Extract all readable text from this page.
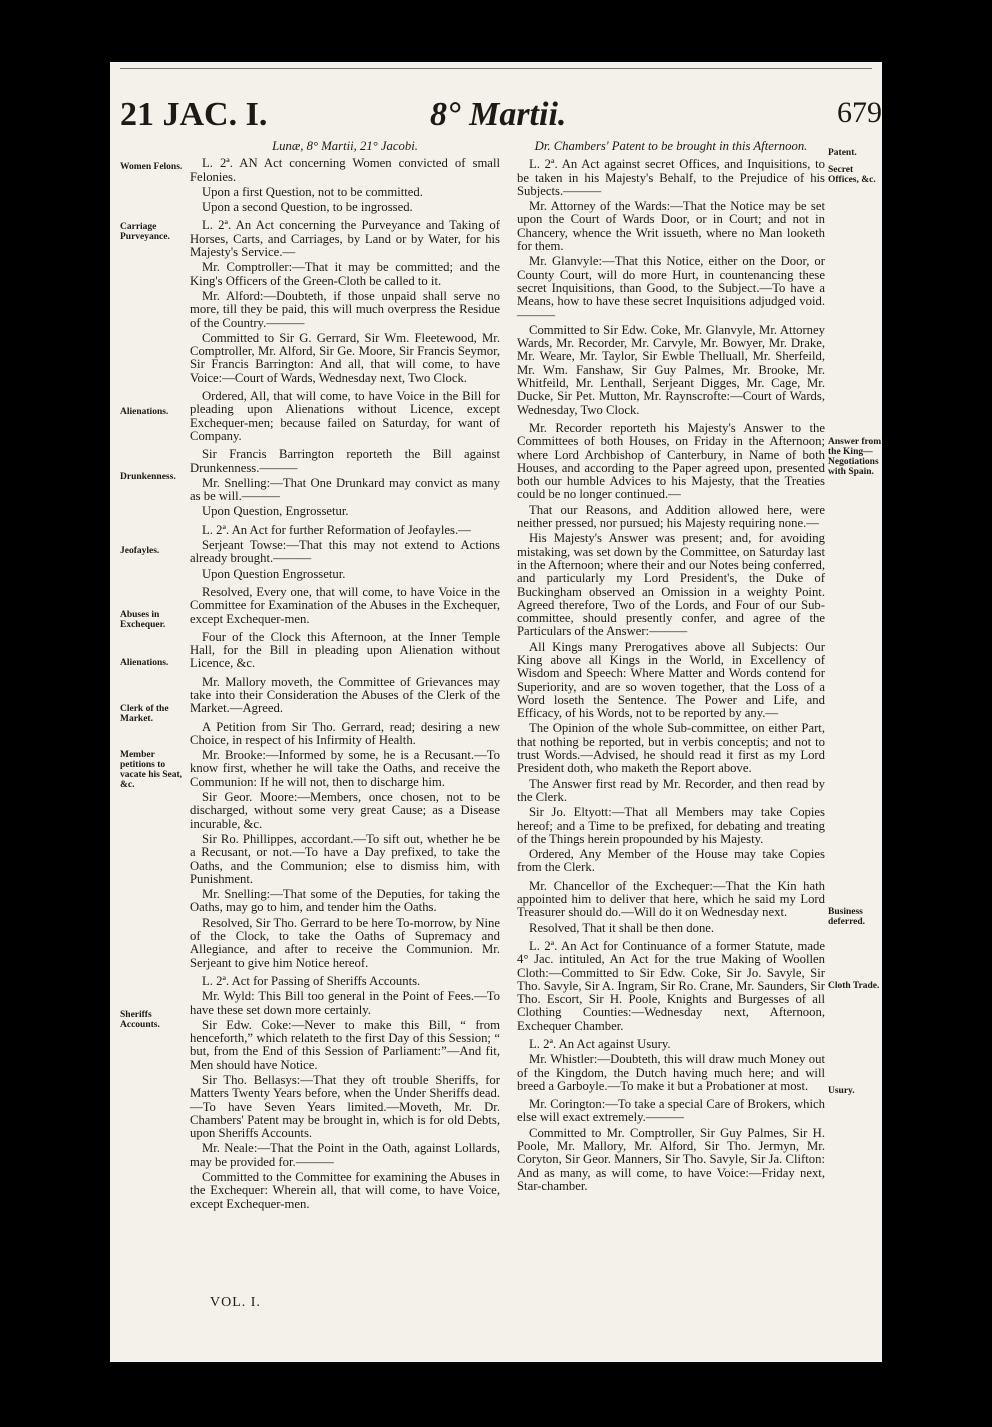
21 JAC. I.	8° Martii.	679

Lunæ, 8° Martii, 21° Jacobi.

L. 2ª. AN Act concerning Women convicted of small Felonies.

Upon a first Question, not to be committed.

Upon a second Question, to be ingrossed.

L. 2ª. An Act concerning the Purveyance and Taking of Horses, Carts, and Carriages, by Land or by Water, for his Majesty's Service.—

Mr. Comptroller:—That it may be committed; and the King's Officers of the Green-Cloth be called to it.

Mr. Alford:—Doubteth, if those unpaid shall serve no more, till they be paid, this will much overpress the Residue of the Country.———

Committed to Sir G. Gerrard, Sir Wm. Fleetewood, Mr. Comptroller, Mr. Alford, Sir Ge. Moore, Sir Francis Seymor, Sir Francis Barrington: And all, that will come, to have Voice:—Court of Wards, Wednesday next, Two Clock.

Ordered, All, that will come, to have Voice in the Bill for pleading upon Alienations without Licence, except Exchequer-men; because failed on Saturday, for want of Company.

Sir Francis Barrington reporteth the Bill against Drunkenness.———

Mr. Snelling:—That One Drunkard may convict as many as be will.———

Upon Question, Engrossetur.

L. 2ª. An Act for further Reformation of Jeofayles.—

Serjeant Towse:—That this may not extend to Actions already brought.———

Upon Question Engrossetur.

Resolved, Every one, that will come, to have Voice in the Committee for Examination of the Abuses in the Exchequer, except Exchequer-men.

Four of the Clock this Afternoon, at the Inner Temple Hall, for the Bill in pleading upon Alienation without Licence, &c.

Mr. Mallory moveth, the Committee of Grievances may take into their Consideration the Abuses of the Clerk of the Market.—Agreed.

A Petition from Sir Tho. Gerrard, read; desiring a new Choice, in respect of his Infirmity of Health.

Mr. Brooke:—Informed by some, he is a Recusant.—To know first, whether he will take the Oaths, and receive the Communion: If he will not, then to discharge him.

Sir Geor. Moore:—Members, once chosen, not to be discharged, without some very great Cause; as a Disease incurable, &c.

Sir Ro. Phillippes, accordant.—To sift out, whether he be a Recusant, or not.—To have a Day prefixed, to take the Oaths, and the Communion; else to dismiss him, with Punishment.

Mr. Snelling:—That some of the Deputies, for taking the Oaths, may go to him, and tender him the Oaths.

Resolved, Sir Tho. Gerrard to be here To-morrow, by Nine of the Clock, to take the Oaths of Supremacy and Allegiance, and after to receive the Communion. Mr. Serjeant to give him Notice hereof.

L. 2ª. Act for Passing of Sheriffs Accounts.

Mr. Wyld: This Bill too general in the Point of Fees.—To have these set down more certainly.

Sir Edw. Coke:—Never to make this Bill, “ from henceforth,” which relateth to the first Day of this Session; “ but, from the End of this Session of Parliament:”—And fit, Men should have Notice.

Sir Tho. Bellasys:—That they oft trouble Sheriffs, for Matters Twenty Years before, when the Under Sheriffs dead.—To have Seven Years limited.—Moveth, Mr. Dr. Chambers' Patent may be brought in, which is for old Debts, upon Sheriffs Accounts.

Mr. Neale:—That the Point in the Oath, against Lollards, may be provided for.———

Committed to the Committee for examining the Abuses in the Exchequer: Wherein all, that will come, to have Voice, except Exchequer-men.

Dr. Chambers' Patent to be brought in this Afternoon.

L. 2ª. An Act against secret Offices, and Inquisitions, to be taken in his Majesty's Behalf, to the Prejudice of his Subjects.———

Mr. Attorney of the Wards:—That the Notice may be set upon the Court of Wards Door, or in Court; and not in Chancery, whence the Writ issueth, where no Man looketh for them.

Mr. Glanvyle:—That this Notice, either on the Door, or County Court, will do more Hurt, in countenancing these secret Inquisitions, than Good, to the Subject.—To have a Means, how to have these secret Inquisitions adjudged void.———

Committed to Sir Edw. Coke, Mr. Glanvyle, Mr. Attorney Wards, Mr. Recorder, Mr. Carvyle, Mr. Bowyer, Mr. Drake, Mr. Weare, Mr. Taylor, Sir Ewble Thelluall, Mr. Sherfeild, Mr. Wm. Fanshaw, Sir Guy Palmes, Mr. Brooke, Mr. Whitfeild, Mr. Lenthall, Serjeant Digges, Mr. Cage, Mr. Ducke, Sir Pet. Mutton, Mr. Raynscrofte:—Court of Wards, Wednesday, Two Clock.

Mr. Recorder reporteth his Majesty's Answer to the Committees of both Houses, on Friday in the Afternoon; where Lord Archbishop of Canterbury, in Name of both Houses, and according to the Paper agreed upon, presented both our humble Advices to his Majesty, that the Treaties could be no longer continued.—

That our Reasons, and Addition allowed here, were neither pressed, nor pursued; his Majesty requiring none.—

His Majesty's Answer was present; and, for avoiding mistaking, was set down by the Committee, on Saturday last in the Afternoon; where their and our Notes being conferred, and particularly my Lord President's, the Duke of Buckingham observed an Omission in a weighty Point. Agreed therefore, Two of the Lords, and Four of our Sub-committee, should presently confer, and agree of the Particulars of the Answer:———

All Kings many Prerogatives above all Subjects: Our King above all Kings in the World, in Excellency of Wisdom and Speech: Where Matter and Words contend for Superiority, and are so woven together, that the Loss of a Word loseth the Sentence. The Power and Life, and Efficacy, of his Words, not to be reported by any.—

The Opinion of the whole Sub-committee, on either Part, that nothing be reported, but in verbis conceptis; and not to trust Words.—Advised, he should read it first as my Lord President doth, who maketh the Report above.

The Answer first read by Mr. Recorder, and then read by the Clerk.

Sir Jo. Eltyott:—That all Members may take Copies hereof; and a Time to be prefixed, for debating and treating of the Things herein propounded by his Majesty.

Ordered, Any Member of the House may take Copies from the Clerk.

Mr. Chancellor of the Exchequer:—That the Kin hath appointed him to deliver that here, which he said my Lord Treasurer should do.—Will do it on Wednesday next.

Resolved, That it shall be then done.

L. 2ª. An Act for Continuance of a former Statute, made 4° Jac. intituled, An Act for the true Making of Woollen Cloth:—Committed to Sir Edw. Coke, Sir Jo. Savyle, Sir Tho. Savyle, Sir A. Ingram, Sir Ro. Crane, Mr. Saunders, Sir Tho. Escort, Sir H. Poole, Knights and Burgesses of all Clothing Counties:—Wednesday next, Afternoon, Exchequer Chamber.

L. 2ª. An Act against Usury.

Mr. Whistler:—Doubteth, this will draw much Money out of the Kingdom, the Dutch having much here; and will breed a Garboyle.—To make it but a Probationer at most.

Mr. Corington:—To take a special Care of Brokers, which else will exact extremely.———

Committed to Mr. Comptroller, Sir Guy Palmes, Sir H. Poole, Mr. Mallory, Mr. Alford, Sir Tho. Jermyn, Mr. Coryton, Sir Geor. Manners, Sir Tho. Savyle, Sir Ja. Clifton: And as many, as will come, to have Voice:—Friday next, Star-chamber.

Women Felons.
Carriage Purveyance.
Alienations.
Drunkenness.
Jeofayles.
Abuses in Exchequer.
Alienations.
Clerk of the Market.
Member petitions to vacate his Seat, &c.
Sheriffs Accounts.
Patent.
Secret Offices, &c.
Answer from the King—Negotiations with Spain.
Business deferred.
Cloth Trade.
Usury.
VOL. I.
